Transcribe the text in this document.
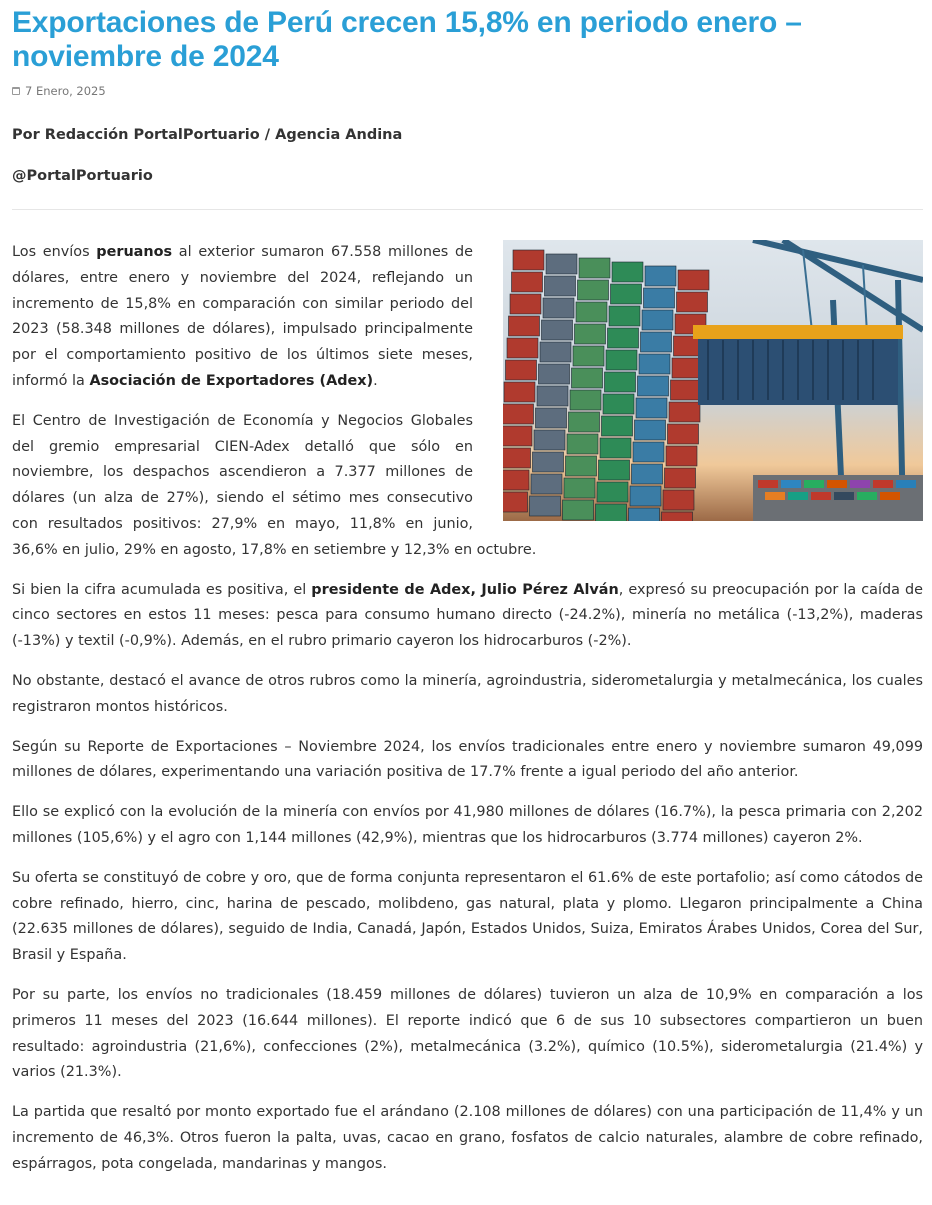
Exportaciones de Perú crecen 15,8% en periodo enero – noviembre de 2024
7 Enero, 2025
Por Redacción PortalPortuario / Agencia Andina
@PortalPortuario

Los envíos peruanos al exterior sumaron 67.558 millones de dólares, entre enero y noviembre del 2024, reflejando un incremento de 15,8% en comparación con similar periodo del 2023 (58.348 millones de dólares), impulsado principalmente por el comportamiento positivo de los últimos siete meses, informó la Asociación de Exportadores (Adex).

El Centro de Investigación de Economía y Negocios Globales del gremio empresarial CIEN-Adex detalló que sólo en noviembre, los despachos ascendieron a 7.377 millones de dólares (un alza de 27%), siendo el sétimo mes consecutivo con resultados positivos: 27,9% en mayo, 11,8% en junio, 36,6% en julio, 29% en agosto, 17,8% en setiembre y 12,3% en octubre.

Si bien la cifra acumulada es positiva, el presidente de Adex, Julio Pérez Alván, expresó su preocupación por la caída de cinco sectores en estos 11 meses: pesca para consumo humano directo (-24.2%), minería no metálica (-13,2%), maderas (-13%) y textil (-0,9%). Además, en el rubro primario cayeron los hidrocarburos (-2%).

No obstante, destacó el avance de otros rubros como la minería, agroindustria, siderometalurgia y metalmecánica, los cuales registraron montos históricos.

Según su Reporte de Exportaciones – Noviembre 2024, los envíos tradicionales entre enero y noviembre sumaron 49,099 millones de dólares, experimentando una variación positiva de 17.7% frente a igual periodo del año anterior.

Ello se explicó con la evolución de la minería con envíos por 41,980 millones de dólares (16.7%), la pesca primaria con 2,202 millones (105,6%) y el agro con 1,144 millones (42,9%), mientras que los hidrocarburos (3.774 millones) cayeron 2%.

Su oferta se constituyó de cobre y oro, que de forma conjunta representaron el 61.6% de este portafolio; así como cátodos de cobre refinado, hierro, cinc, harina de pescado, molibdeno, gas natural, plata y plomo. Llegaron principalmente a China (22.635 millones de dólares), seguido de India, Canadá, Japón, Estados Unidos, Suiza, Emiratos Árabes Unidos, Corea del Sur, Brasil y España.

Por su parte, los envíos no tradicionales (18.459 millones de dólares) tuvieron un alza de 10,9% en comparación a los primeros 11 meses del 2023 (16.644 millones). El reporte indicó que 6 de sus 10 subsectores compartieron un buen resultado: agroindustria (21,6%), confecciones (2%), metalmecánica (3.2%), químico (10.5%), siderometalurgia (21.4%) y varios (21.3%).

La partida que resaltó por monto exportado fue el arándano (2.108 millones de dólares) con una participación de 11,4% y un incremento de 46,3%. Otros fueron la palta, uvas, cacao en grano, fosfatos de calcio naturales, alambre de cobre refinado, espárragos, pota congelada, mandarinas y mangos.
